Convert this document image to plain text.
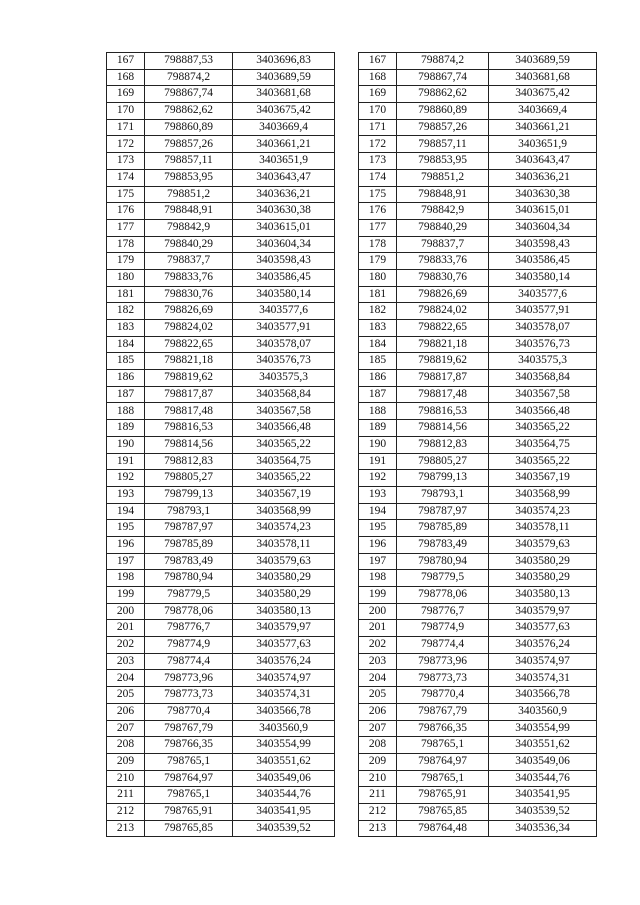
167	798887,53	3403696,83
168	798874,2	3403689,59
169	798867,74	3403681,68
170	798862,62	3403675,42
171	798860,89	3403669,4
172	798857,26	3403661,21
173	798857,11	3403651,9
174	798853,95	3403643,47
175	798851,2	3403636,21
176	798848,91	3403630,38
177	798842,9	3403615,01
178	798840,29	3403604,34
179	798837,7	3403598,43
180	798833,76	3403586,45
181	798830,76	3403580,14
182	798826,69	3403577,6
183	798824,02	3403577,91
184	798822,65	3403578,07
185	798821,18	3403576,73
186	798819,62	3403575,3
187	798817,87	3403568,84
188	798817,48	3403567,58
189	798816,53	3403566,48
190	798814,56	3403565,22
191	798812,83	3403564,75
192	798805,27	3403565,22
193	798799,13	3403567,19
194	798793,1	3403568,99
195	798787,97	3403574,23
196	798785,89	3403578,11
197	798783,49	3403579,63
198	798780,94	3403580,29
199	798779,5	3403580,29
200	798778,06	3403580,13
201	798776,7	3403579,97
202	798774,9	3403577,63
203	798774,4	3403576,24
204	798773,96	3403574,97
205	798773,73	3403574,31
206	798770,4	3403566,78
207	798767,79	3403560,9
208	798766,35	3403554,99
209	798765,1	3403551,62
210	798764,97	3403549,06
211	798765,1	3403544,76
212	798765,91	3403541,95
213	798765,85	3403539,52
167	798874,2	3403689,59
168	798867,74	3403681,68
169	798862,62	3403675,42
170	798860,89	3403669,4
171	798857,26	3403661,21
172	798857,11	3403651,9
173	798853,95	3403643,47
174	798851,2	3403636,21
175	798848,91	3403630,38
176	798842,9	3403615,01
177	798840,29	3403604,34
178	798837,7	3403598,43
179	798833,76	3403586,45
180	798830,76	3403580,14
181	798826,69	3403577,6
182	798824,02	3403577,91
183	798822,65	3403578,07
184	798821,18	3403576,73
185	798819,62	3403575,3
186	798817,87	3403568,84
187	798817,48	3403567,58
188	798816,53	3403566,48
189	798814,56	3403565,22
190	798812,83	3403564,75
191	798805,27	3403565,22
192	798799,13	3403567,19
193	798793,1	3403568,99
194	798787,97	3403574,23
195	798785,89	3403578,11
196	798783,49	3403579,63
197	798780,94	3403580,29
198	798779,5	3403580,29
199	798778,06	3403580,13
200	798776,7	3403579,97
201	798774,9	3403577,63
202	798774,4	3403576,24
203	798773,96	3403574,97
204	798773,73	3403574,31
205	798770,4	3403566,78
206	798767,79	3403560,9
207	798766,35	3403554,99
208	798765,1	3403551,62
209	798764,97	3403549,06
210	798765,1	3403544,76
211	798765,91	3403541,95
212	798765,85	3403539,52
213	798764,48	3403536,34
